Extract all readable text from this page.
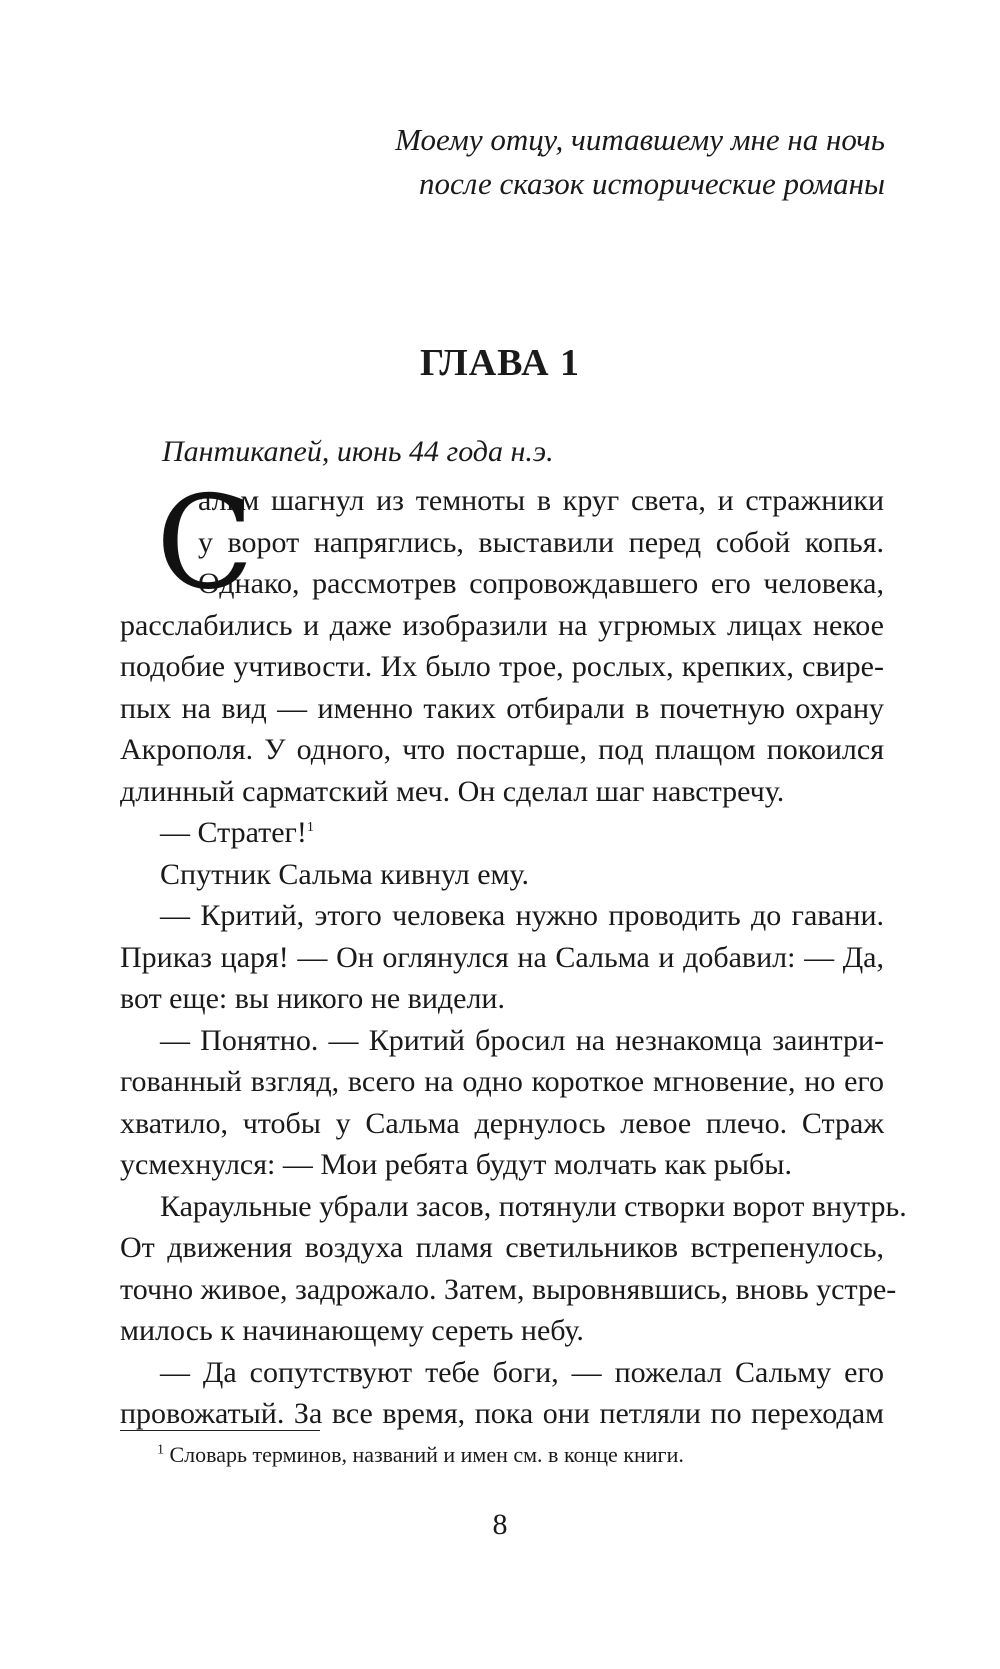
Моему отцу, читавшему мне на ночь
после сказок исторические романы
ГЛАВА 1
Пантикапей, июнь 44 года н.э.
С
альм шагнул из темноты в круг света, и стражники
у ворот напряглись, выставили перед собой копья.
Однако, рассмотрев сопровождавшего его человека,
расслабились и даже изобразили на угрюмых лицах некое
подобие учтивости. Их было трое, рослых, крепких, свире-
пых на вид — именно таких отбирали в почетную охрану
Акрополя. У одного, что постарше, под плащом покоился
длинный сарматский меч. Он сделал шаг навстречу.
— Стратег!$^1$
Спутник Сальма кивнул ему.
— Критий, этого человека нужно проводить до гавани.
Приказ царя! — Он оглянулся на Сальма и добавил: — Да,
вот еще: вы никого не видели.
— Понятно. — Критий бросил на незнакомца заинтри-
гованный взгляд, всего на одно короткое мгновение, но его
хватило, чтобы у Сальма дернулось левое плечо. Страж
усмехнулся: — Мои ребята будут молчать как рыбы.
Караульные убрали засов, потянули створки ворот внутрь.
От движения воздуха пламя светильников встрепенулось,
точно живое, задрожало. Затем, выровнявшись, вновь устре-
милось к начинающему сереть небу.
— Да сопутствуют тебе боги, — пожелал Сальму его
провожатый. За все время, пока они петляли по переходам
$^1$ Словарь терминов, названий и имен см. в конце книги.
8
